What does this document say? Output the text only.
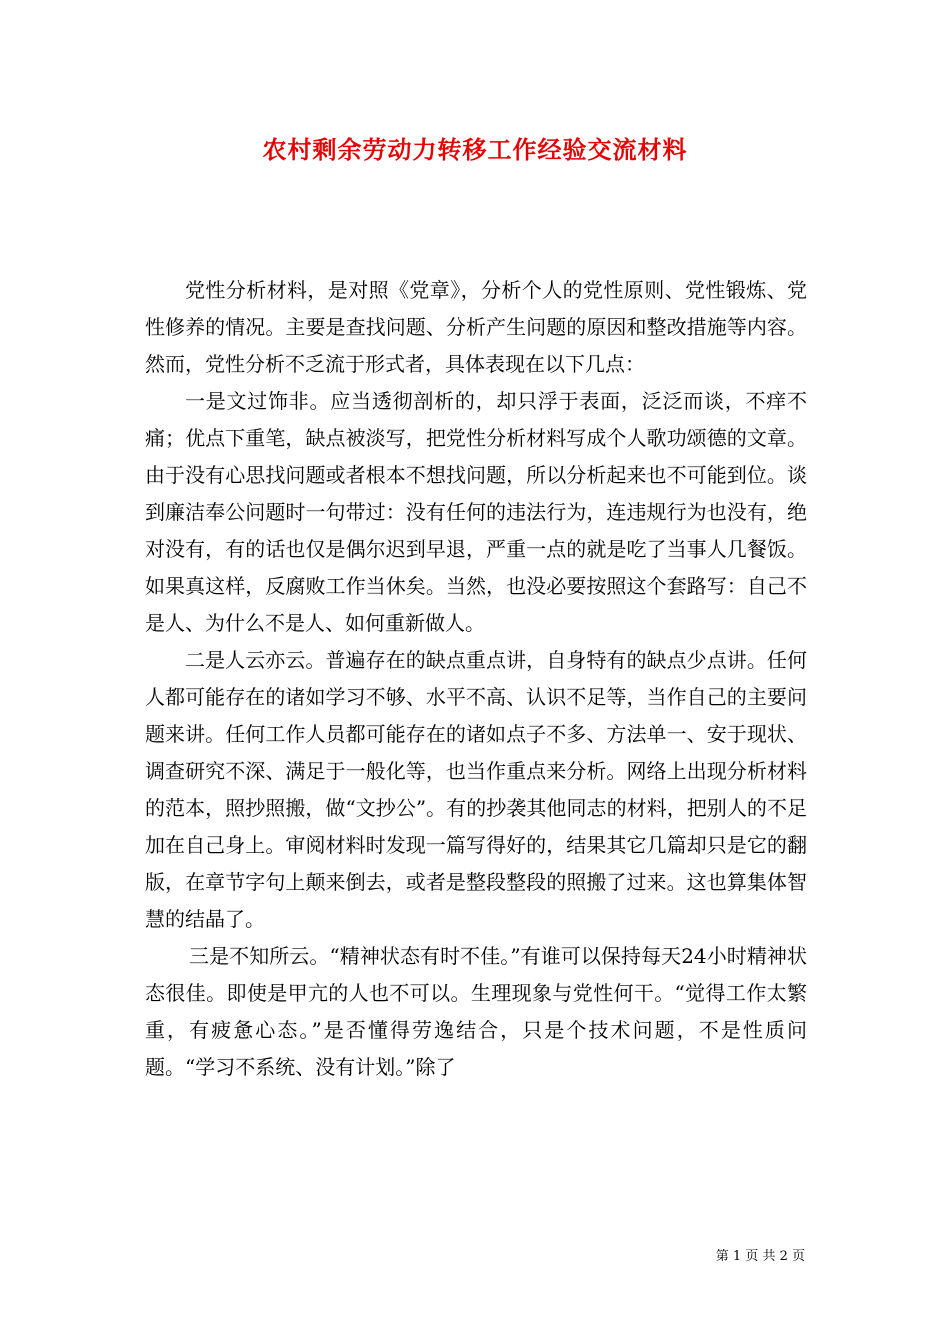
农村剩余劳动力转移工作经验交流材料

党性分析材料，是对照《党章》，分析个人的党性原则、党性锻炼、党性修养的情况。主要是查找问题、分析产生问题的原因和整改措施等内容。然而，党性分析不乏流于形式者，具体表现在以下几点：

一是文过饰非。应当透彻剖析的，却只浮于表面，泛泛而谈，不痒不痛；优点下重笔，缺点被淡写，把党性分析材料写成个人歌功颂德的文章。由于没有心思找问题或者根本不想找问题，所以分析起来也不可能到位。谈到廉洁奉公问题时一句带过：没有任何的违法行为，连违规行为也没有，绝对没有，有的话也仅是偶尔迟到早退，严重一点的就是吃了当事人几餐饭。如果真这样，反腐败工作当休矣。当然，也没必要按照这个套路写：自己不是人、为什么不是人、如何重新做人。

二是人云亦云。普遍存在的缺点重点讲，自身特有的缺点少点讲。任何人都可能存在的诸如学习不够、水平不高、认识不足等，当作自己的主要问题来讲。任何工作人员都可能存在的诸如点子不多、方法单一、安于现状、调查研究不深、满足于一般化等，也当作重点来分析。网络上出现分析材料的范本，照抄照搬，做“文抄公”。有的抄袭其他同志的材料，把别人的不足加在自己身上。审阅材料时发现一篇写得好的，结果其它几篇却只是它的翻版，在章节字句上颠来倒去，或者是整段整段的照搬了过来。这也算集体智慧的结晶了。

三是不知所云。“精神状态有时不佳。”有谁可以保持每天24小时精神状态很佳。即使是甲亢的人也不可以。生理现象与党性何干。“觉得工作太繁重，有疲惫心态。”是否懂得劳逸结合，只是个技术问题，不是性质问题。“学习不系统、没有计划。”除了

第 1 页 共 2 页
